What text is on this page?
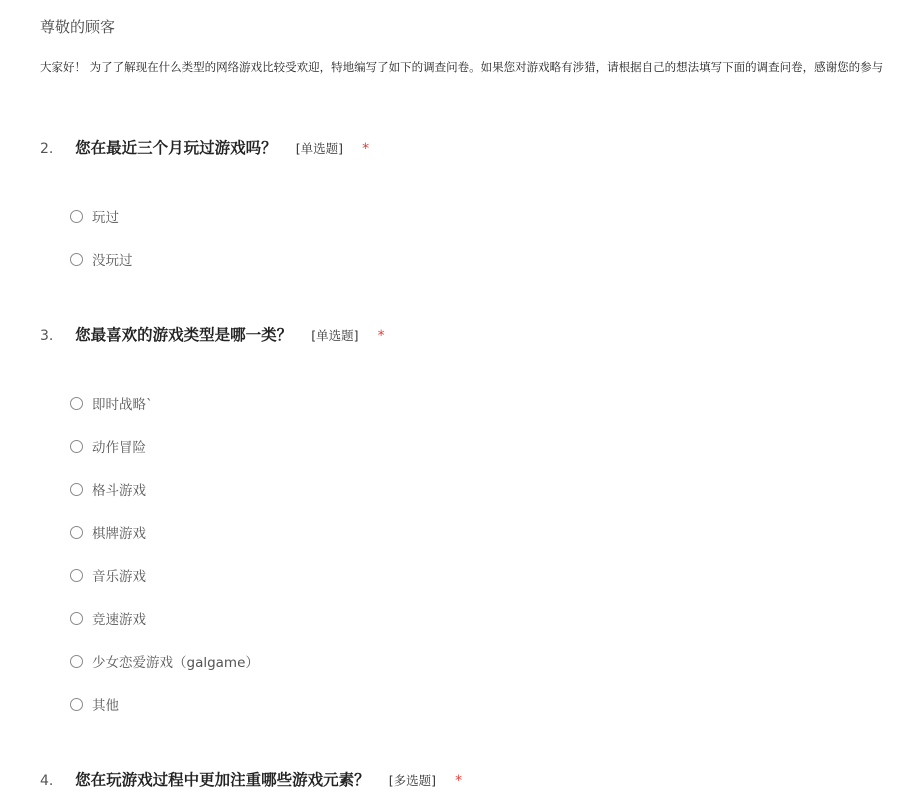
尊敬的顾客
大家好！ 为了了解现在什么类型的网络游戏比较受欢迎，特地编写了如下的调查问卷。如果您对游戏略有涉猎，请根据自己的想法填写下面的调查问卷，感谢您的参与
2. 您在最近三个月玩过游戏吗？ [单选题] *
玩过
没玩过
3. 您最喜欢的游戏类型是哪一类？ [单选题] *
即时战略`
动作冒险
格斗游戏
棋牌游戏
音乐游戏
竞速游戏
少女恋爱游戏（galgame）
其他
4. 您在玩游戏过程中更加注重哪些游戏元素？ [多选题] *
